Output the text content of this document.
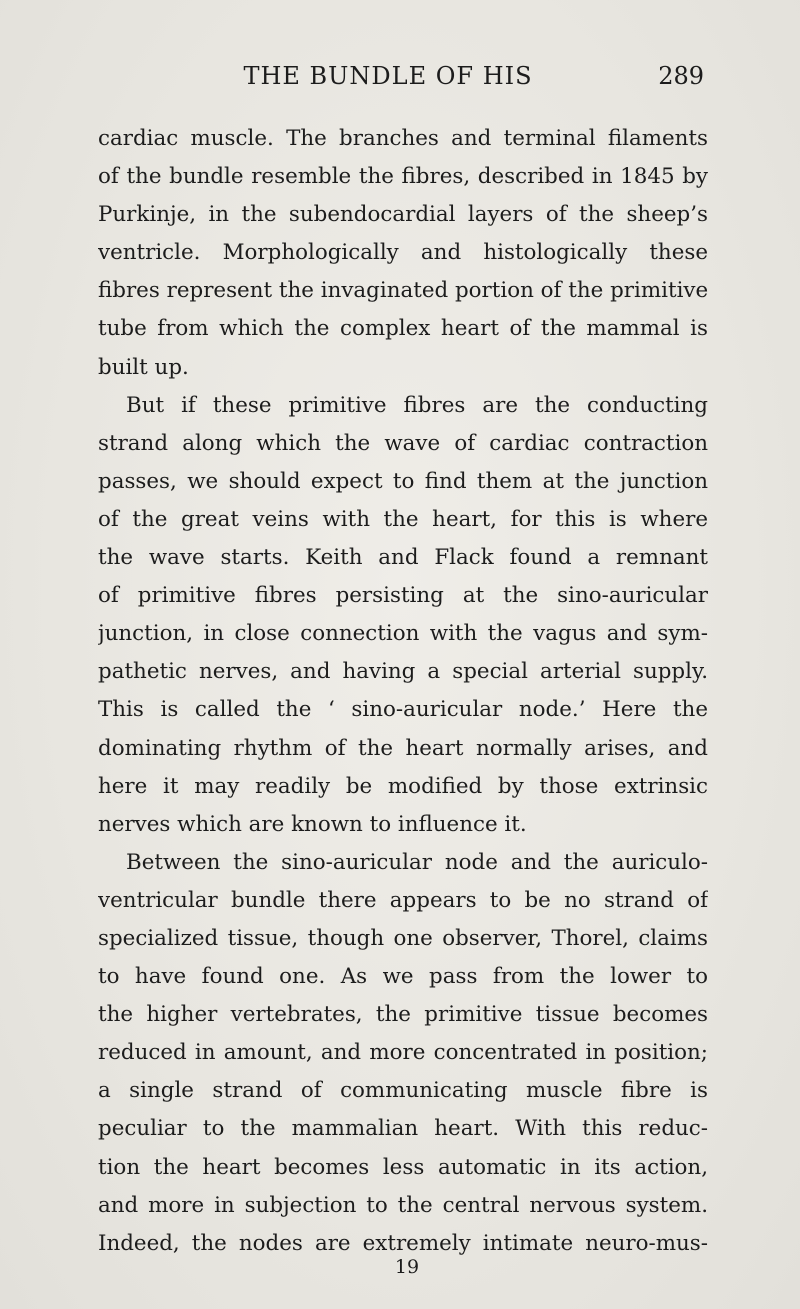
THE BUNDLE OF HIS	289
cardiac muscle. The branches and terminal filaments
of the bundle resemble the fibres, described in 1845 by
Purkinje, in the subendocardial layers of the sheep’s
ventricle. Morphologically and histologically these
fibres represent the invaginated portion of the primitive
tube from which the complex heart of the mammal is
built up.
But if these primitive fibres are the conducting
strand along which the wave of cardiac contraction
passes, we should expect to find them at the junction
of the great veins with the heart, for this is where
the wave starts. Keith and Flack found a remnant
of primitive fibres persisting at the sino-auricular
junction, in close connection with the vagus and sym-
pathetic nerves, and having a special arterial supply.
This is called the ‘ sino-auricular node.’ Here the
dominating rhythm of the heart normally arises, and
here it may readily be modified by those extrinsic
nerves which are known to influence it.
Between the sino-auricular node and the auriculo-
ventricular bundle there appears to be no strand of
specialized tissue, though one observer, Thorel, claims
to have found one. As we pass from the lower to
the higher vertebrates, the primitive tissue becomes
reduced in amount, and more concentrated in position;
a single strand of communicating muscle fibre is
peculiar to the mammalian heart. With this reduc-
tion the heart becomes less automatic in its action,
and more in subjection to the central nervous system.
Indeed, the nodes are extremely intimate neuro-mus-
19
